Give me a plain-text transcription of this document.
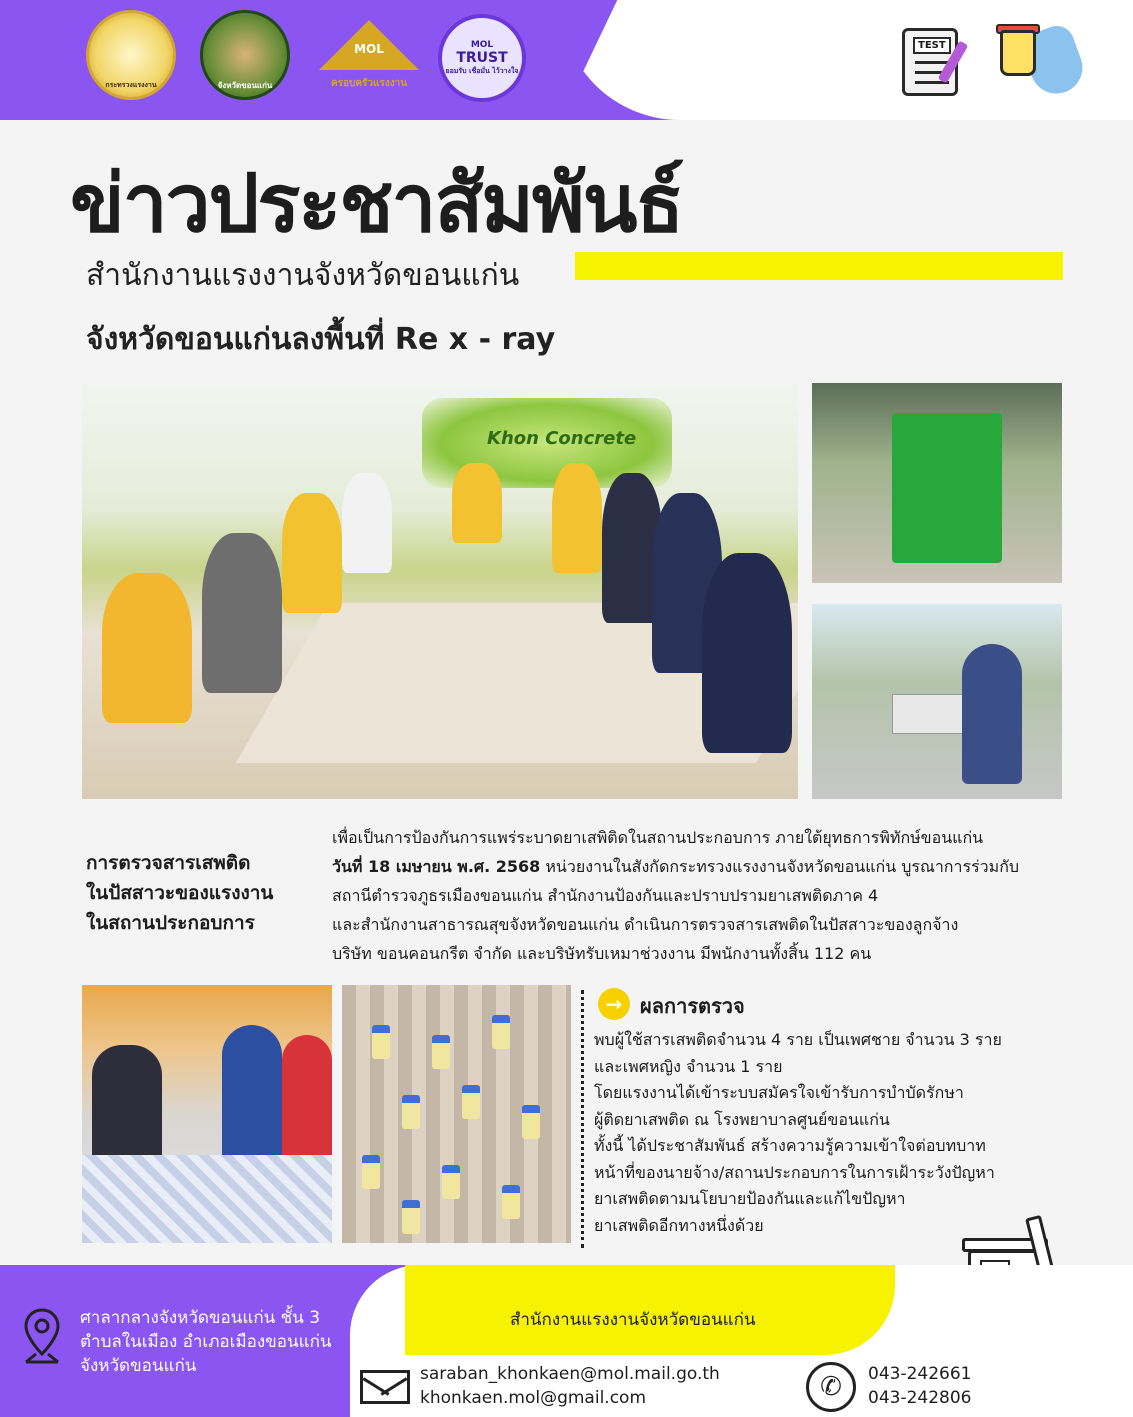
กระทรวงแรงงาน	จังหวัดขอนแก่น
MOL
ครอบครัวแรงงาน
MOL
TRUST
ยอมรับ เชื่อมั่น ไว้วางใจ
TEST
ข่าวประชาสัมพันธ์
สำนักงานแรงงานจังหวัดขอนแก่น
จังหวัดขอนแก่นลงพื้นที่ Re x - ray
Khon Concrete
การตรวจสารเสพติด
ในปัสสาวะของแรงงาน
ในสถานประกอบการ
เพื่อเป็นการป้องกันการแพร่ระบาดยาเสพิติดในสถานประกอบการ ภายใต้ยุทธการพิทักษ์ขอนแก่น
วันที่ 18 เมษายน พ.ศ. 2568 หน่วยงานในสังกัดกระทรวงแรงงานจังหวัดขอนแก่น บูรณาการร่วมกับ
สถานีตำรวจภูธรเมืองขอนแก่น สำนักงานป้องกันและปราบปรามยาเสพติดภาค 4
และสำนักงานสาธารณสุขจังหวัดขอนแก่น ดำเนินการตรวจสารเสพติดในปัสสาวะของลูกจ้าง
บริษัท ขอนคอนกรีต จำกัด และบริษัทรับเหมาช่วงงาน มีพนักงานทั้งสิ้น 112 คน
→ ผลการตรวจ

พบผู้ใช้สารเสพติดจำนวน 4 ราย เป็นเพศชาย จำนวน 3 ราย

และเพศหญิง จำนวน 1 ราย

โดยแรงงานได้เข้าระบบสมัครใจเข้ารับการบำบัดรักษา

ผู้ติดยาเสพติด ณ โรงพยาบาลศูนย์ขอนแก่น

ทั้งนี้ ได้ประชาสัมพันธ์ สร้างความรู้ความเข้าใจต่อบทบาท

หน้าที่ของนายจ้าง/สถานประกอบการในการเฝ้าระวังปัญหา

ยาเสพติดตามนโยบายป้องกันและแก้ไขปัญหา

ยาเสพติดอีกทางหนึ่งด้วย

สำนักงานแรงงานจังหวัดขอนแก่น
ศาลากลางจังหวัดขอนแก่น ชั้น 3
ตำบลในเมือง อำเภอเมืองขอนแก่น
จังหวัดขอนแก่น	saraban_khonkaen@mol.mail.go.th
khonkaen.mol@gmail.com	✆	043-242661
043-242806
